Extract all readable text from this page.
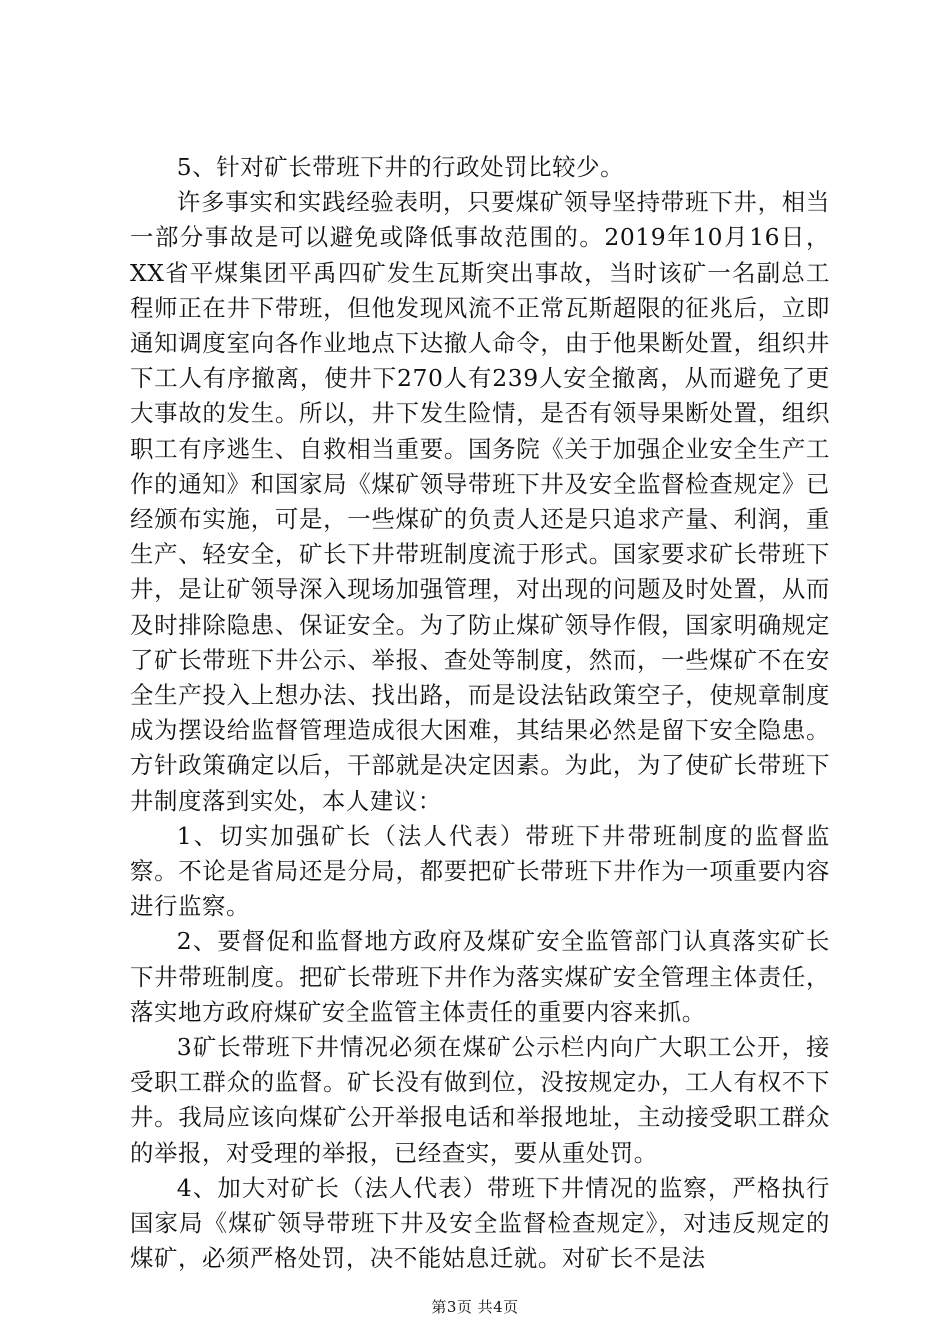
5、针对矿长带班下井的行政处罚比较少。

许多事实和实践经验表明，只要煤矿领导坚持带班下井，相当一部分事故是可以避免或降低事故范围的。2019年10月16日，XX省平煤集团平禹四矿发生瓦斯突出事故，当时该矿一名副总工程师正在井下带班，但他发现风流不正常瓦斯超限的征兆后，立即通知调度室向各作业地点下达撤人命令，由于他果断处置，组织井下工人有序撤离，使井下270人有239人安全撤离，从而避免了更大事故的发生。所以，井下发生险情，是否有领导果断处置，组织职工有序逃生、自救相当重要。国务院《关于加强企业安全生产工作的通知》和国家局《煤矿领导带班下井及安全监督检查规定》已经颁布实施，可是，一些煤矿的负责人还是只追求产量、利润，重生产、轻安全，矿长下井带班制度流于形式。国家要求矿长带班下井，是让矿领导深入现场加强管理，对出现的问题及时处置，从而及时排除隐患、保证安全。为了防止煤矿领导作假，国家明确规定了矿长带班下井公示、举报、查处等制度，然而，一些煤矿不在安全生产投入上想办法、找出路，而是设法钻政策空子，使规章制度成为摆设给监督管理造成很大困难，其结果必然是留下安全隐患。方针政策确定以后，干部就是决定因素。为此，为了使矿长带班下井制度落到实处，本人建议：

1、切实加强矿长（法人代表）带班下井带班制度的监督监察。不论是省局还是分局，都要把矿长带班下井作为一项重要内容进行监察。

2、要督促和监督地方政府及煤矿安全监管部门认真落实矿长下井带班制度。把矿长带班下井作为落实煤矿安全管理主体责任，落实地方政府煤矿安全监管主体责任的重要内容来抓。

3矿长带班下井情况必须在煤矿公示栏内向广大职工公开，接受职工群众的监督。矿长没有做到位，没按规定办，工人有权不下井。我局应该向煤矿公开举报电话和举报地址，主动接受职工群众的举报，对受理的举报，已经查实，要从重处罚。

4、加大对矿长（法人代表）带班下井情况的监察，严格执行国家局《煤矿领导带班下井及安全监督检查规定》，对违反规定的煤矿，必须严格处罚，决不能姑息迁就。对矿长不是法

第3页 共4页
